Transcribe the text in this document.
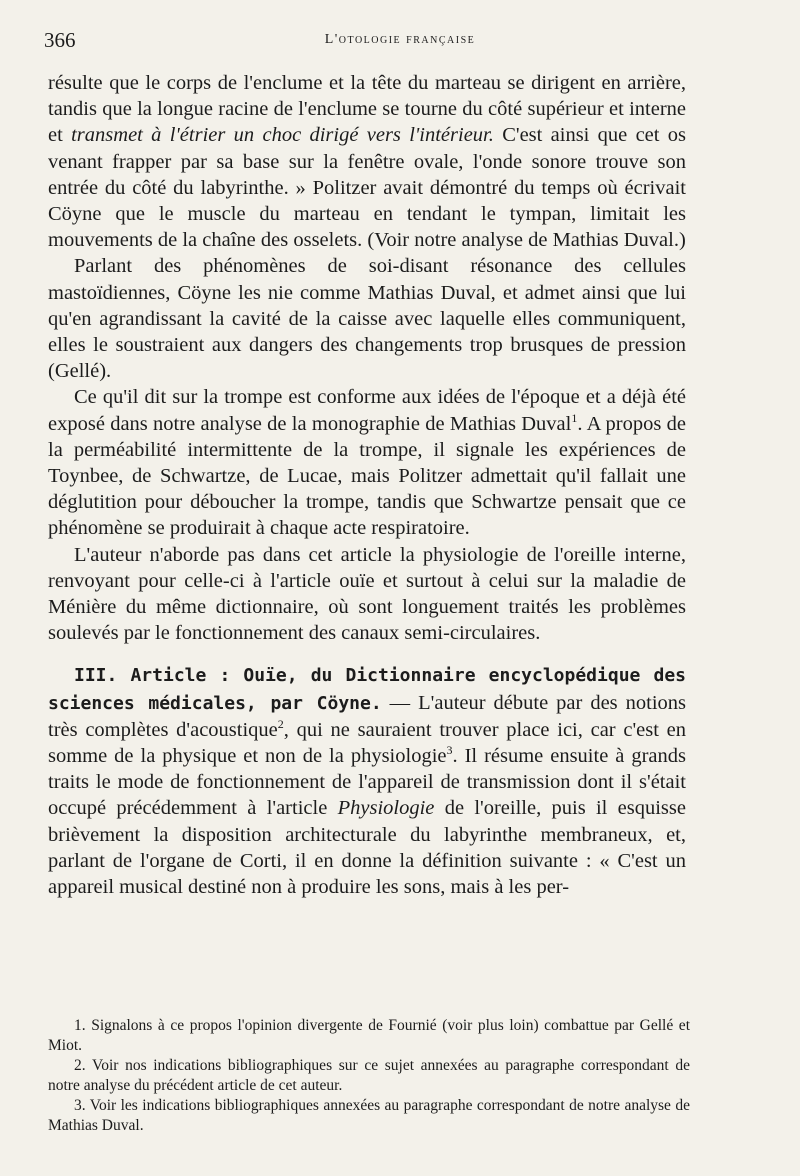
366	L'otologie française

résulte que le corps de l'enclume et la tête du marteau se dirigent en arrière, tandis que la longue racine de l'enclume se tourne du côté supérieur et interne et transmet à l'étrier un choc dirigé vers l'intérieur. C'est ainsi que cet os venant frapper par sa base sur la fenêtre ovale, l'onde sonore trouve son entrée du côté du labyrinthe. » Politzer avait démontré du temps où écrivait Cöyne que le muscle du marteau en tendant le tympan, limitait les mouvements de la chaîne des osselets. (Voir notre analyse de Mathias Duval.)

Parlant des phénomènes de soi-disant résonance des cellules mastoïdiennes, Cöyne les nie comme Mathias Duval, et admet ainsi que lui qu'en agrandissant la cavité de la caisse avec laquelle elles communiquent, elles le soustraient aux dangers des changements trop brusques de pression (Gellé).

Ce qu'il dit sur la trompe est conforme aux idées de l'époque et a déjà été exposé dans notre analyse de la monographie de Mathias Duval$^1$. A propos de la perméabilité intermittente de la trompe, il signale les expériences de Toynbee, de Schwartze, de Lucae, mais Politzer admettait qu'il fallait une déglutition pour déboucher la trompe, tandis que Schwartze pensait que ce phénomène se produirait à chaque acte respiratoire.

L'auteur n'aborde pas dans cet article la physiologie de l'oreille interne, renvoyant pour celle-ci à l'article ouïe et surtout à celui sur la maladie de Ménière du même dictionnaire, où sont longuement traités les problèmes soulevés par le fonctionnement des canaux semi-circulaires.

III. Article : Ouïe, du Dictionnaire encyclopédique des sciences médicales, par Cöyne. — L'auteur débute par des notions très complètes d'acoustique$^2$, qui ne sauraient trouver place ici, car c'est en somme de la physique et non de la physiologie$^3$. Il résume ensuite à grands traits le mode de fonctionnement de l'appareil de transmission dont il s'était occupé précédemment à l'article Physiologie de l'oreille, puis il esquisse brièvement la disposition architecturale du labyrinthe membraneux, et, parlant de l'organe de Corti, il en donne la définition suivante : « C'est un appareil musical destiné non à produire les sons, mais à les per-

1. Signalons à ce propos l'opinion divergente de Fournié (voir plus loin) combattue par Gellé et Miot.

2. Voir nos indications bibliographiques sur ce sujet annexées au paragraphe correspondant de notre analyse du précédent article de cet auteur.

3. Voir les indications bibliographiques annexées au paragraphe correspondant de notre analyse de Mathias Duval.
